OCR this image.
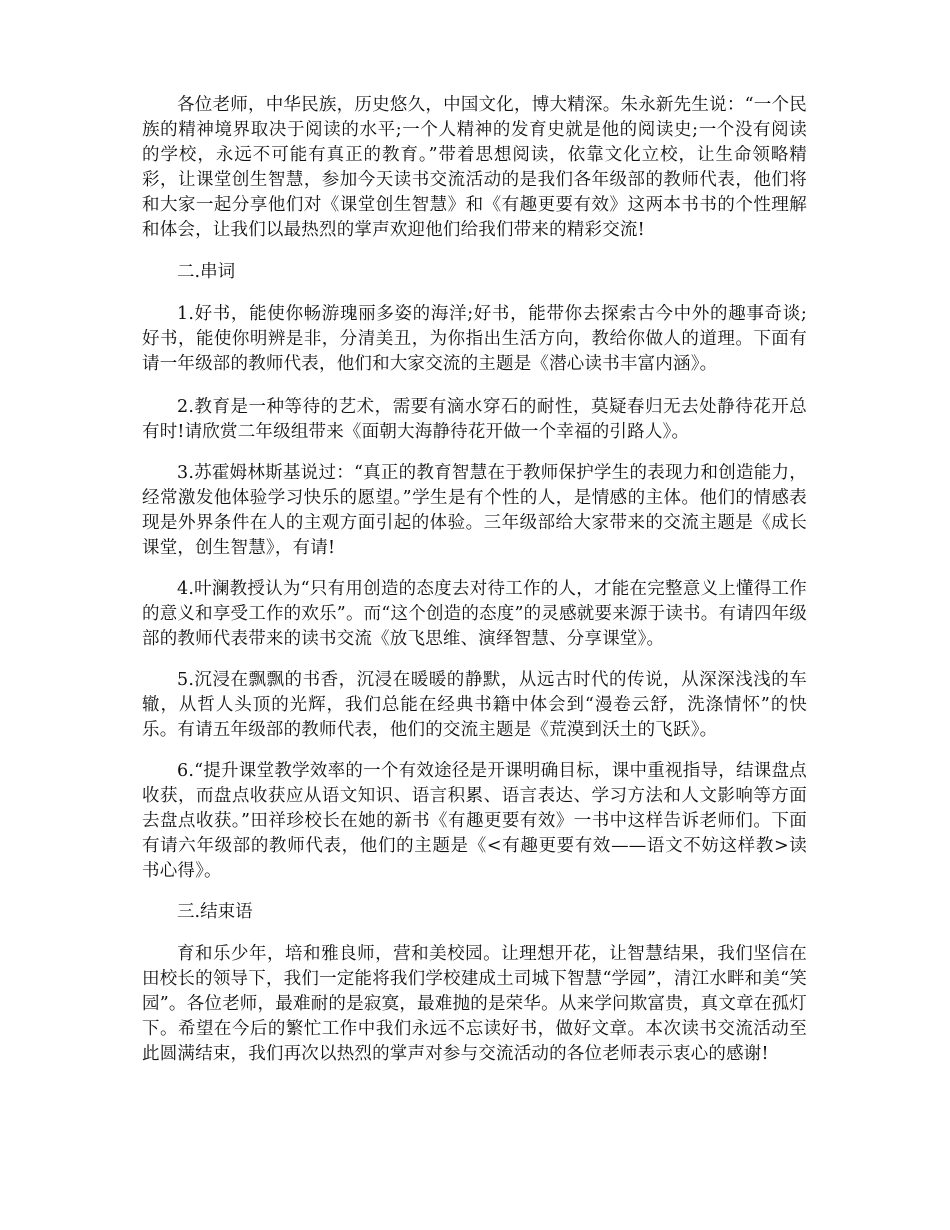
各位老师，中华民族，历史悠久，中国文化，博大精深。朱永新先生说：“一个民族的精神境界取决于阅读的水平;一个人精神的发育史就是他的阅读史;一个没有阅读的学校，永远不可能有真正的教育。”带着思想阅读，依靠文化立校，让生命领略精彩，让课堂创生智慧，参加今天读书交流活动的是我们各年级部的教师代表，他们将和大家一起分享他们对《课堂创生智慧》和《有趣更要有效》这两本书书的个性理解和体会，让我们以最热烈的掌声欢迎他们给我们带来的精彩交流!

二.串词

1.好书，能使你畅游瑰丽多姿的海洋;好书，能带你去探索古今中外的趣事奇谈;好书，能使你明辨是非，分清美丑，为你指出生活方向，教给你做人的道理。下面有请一年级部的教师代表，他们和大家交流的主题是《潜心读书丰富内涵》。

2.教育是一种等待的艺术，需要有滴水穿石的耐性，莫疑春归无去处静待花开总有时!请欣赏二年级组带来《面朝大海静待花开做一个幸福的引路人》。

3.苏霍姆林斯基说过：“真正的教育智慧在于教师保护学生的表现力和创造能力，经常激发他体验学习快乐的愿望。”学生是有个性的人，是情感的主体。他们的情感表现是外界条件在人的主观方面引起的体验。三年级部给大家带来的交流主题是《成长课堂，创生智慧》，有请!

4.叶澜教授认为“只有用创造的态度去对待工作的人，才能在完整意义上懂得工作的意义和享受工作的欢乐”。而“这个创造的态度”的灵感就要来源于读书。有请四年级部的教师代表带来的读书交流《放飞思维、演绎智慧、分享课堂》。

5.沉浸在飘飘的书香，沉浸在暖暖的静默，从远古时代的传说，从深深浅浅的车辙，从哲人头顶的光辉，我们总能在经典书籍中体会到“漫卷云舒，洗涤情怀”的快乐。有请五年级部的教师代表，他们的交流主题是《荒漠到沃土的飞跃》。

6.“提升课堂教学效率的一个有效途径是开课明确目标，课中重视指导，结课盘点收获，而盘点收获应从语文知识、语言积累、语言表达、学习方法和人文影响等方面去盘点收获。”田祥珍校长在她的新书《有趣更要有效》一书中这样告诉老师们。下面有请六年级部的教师代表，他们的主题是《<有趣更要有效——语文不妨这样教>读书心得》。

三.结束语

育和乐少年，培和雅良师，营和美校园。让理想开花，让智慧结果，我们坚信在田校长的领导下，我们一定能将我们学校建成土司城下智慧“学园”，清江水畔和美“笑园”。各位老师，最难耐的是寂寞，最难抛的是荣华。从来学问欺富贵，真文章在孤灯下。希望在今后的繁忙工作中我们永远不忘读好书，做好文章。本次读书交流活动至此圆满结束，我们再次以热烈的掌声对参与交流活动的各位老师表示衷心的感谢!
